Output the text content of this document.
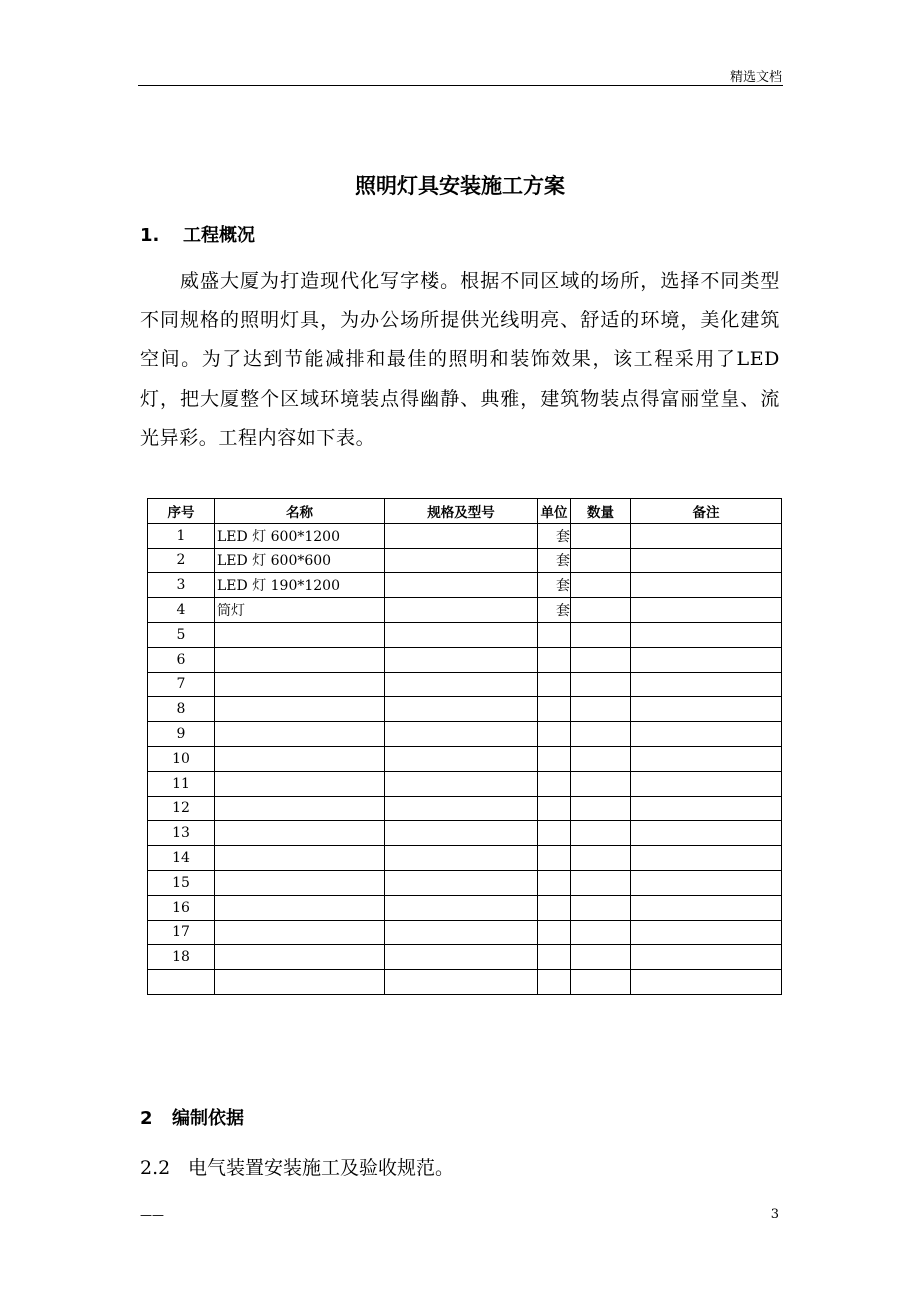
精选文档
照明灯具安装施工方案
1. 工程概况
威盛大厦为打造现代化写字楼。根据不同区域的场所，选择不同类型不同规格的照明灯具，为办公场所提供光线明亮、舒适的环境，美化建筑空间。为了达到节能减排和最佳的照明和装饰效果，该工程采用了LED灯，把大厦整个区域环境装点得幽静、典雅，建筑物装点得富丽堂皇、流光异彩。工程内容如下表。
序号	名称	规格及型号	单位	数量	备注
1	LED 灯 600*1200		套		
2	LED 灯 600*600		套		
3	LED 灯 190*1200		套		
4	筒灯		套		
5					
6					
7					
8					
9					
10					
11					
12					
13					
14					
15					
16					
17					
18					

2 编制依据
2.2 电气装置安装施工及验收规范。
——	3
